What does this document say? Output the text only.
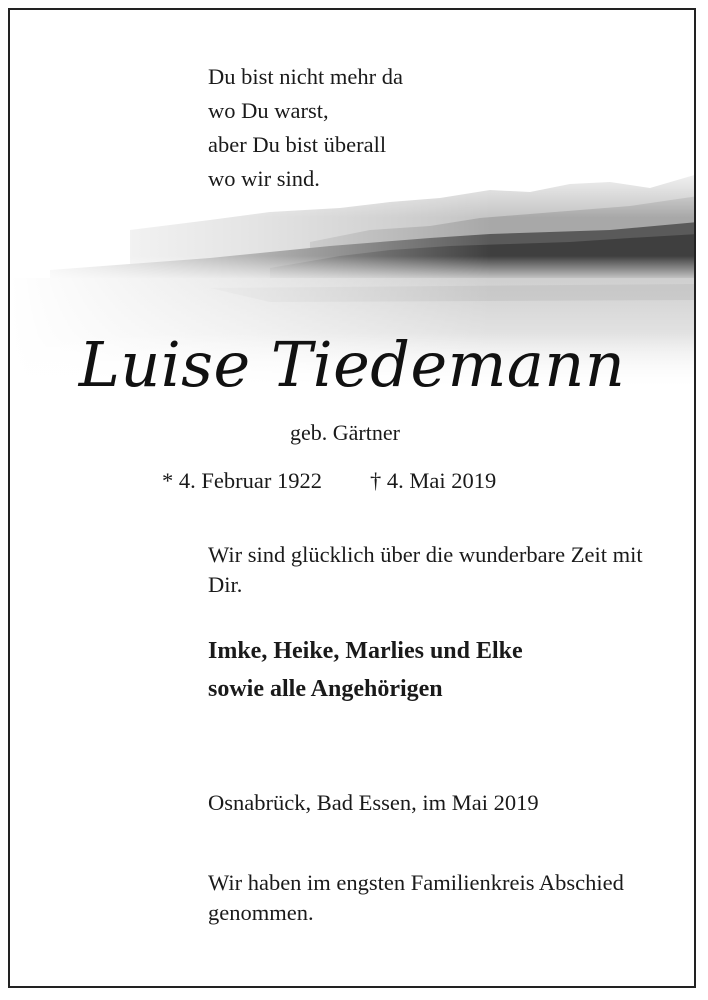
Du bist nicht mehr da
wo Du warst,
aber Du bist überall
wo wir sind.
Luise Tiedemann
geb. Gärtner
* 4. Februar 1922 † 4. Mai 2019
Wir sind glücklich über die wunderbare Zeit mit Dir.
Imke, Heike, Marlies und Elke
sowie alle Angehörigen
Osnabrück, Bad Essen, im Mai 2019
Wir haben im engsten Familienkreis Abschied genommen.
